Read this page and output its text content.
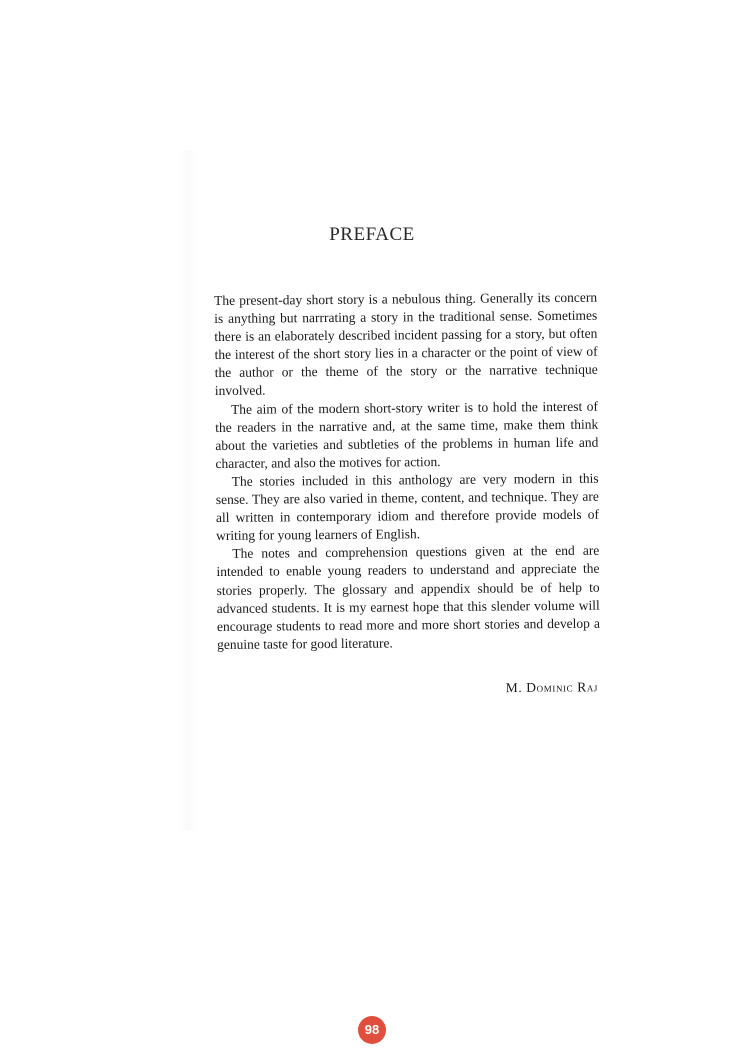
PREFACE

The present-day short story is a nebulous thing. Generally its concern is anything but narrrating a story in the traditional sense. Sometimes there is an elaborately described incident passing for a story, but often the interest of the short story lies in a character or the point of view of the author or the theme of the story or the narrative technique involved.

The aim of the modern short-story writer is to hold the interest of the readers in the narrative and, at the same time, make them think about the varieties and subtleties of the problems in human life and character, and also the motives for action.

The stories included in this anthology are very modern in this sense. They are also varied in theme, content, and technique. They are all written in contemporary idiom and therefore provide models of writing for young learners of English.

The notes and comprehension questions given at the end are intended to enable young readers to understand and appreciate the stories properly. The glossary and appendix should be of help to advanced students. It is my earnest hope that this slender volume will encourage students to read more and more short stories and develop a genuine taste for good literature.

M. Dominic Raj
98
